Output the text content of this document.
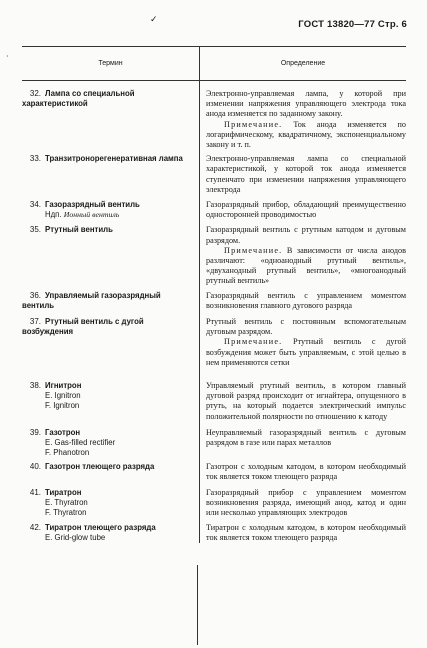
✓
·
ГОСТ 13820—77 Стр. 6
Термин	Определение
32. Лампа со специальной характеристикой	Электронно-управляемая лампа, у которой при изменении напряжения управляющего электрода тока анода изменяется по заданному закону.
Примечание. Ток анода изменяется по логарифмическому, квадратичному, экспоненциальному закону и т. п.

33. Транзитронорегенеративная лампа	Электронно-управляемая лампа со специальной характеристикой, у которой ток анода изменяется ступенчато при изменении напряжения управляющего электрода

34. Газоразрядный вентиль
Ндп. Ионный вентиль	Газоразрядный прибор, обладающий преимущественно односторонней проводимостью

35. Ртутный вентиль	Газоразрядный вентиль с ртутным катодом и дуговым разрядом.
Примечание. В зависимости от числа анодов различают: «одноанодный ртутный вентиль», «двуханодный ртутный вентиль», «многоанодный ртутный вентиль»

36. Управляемый газоразрядный вентиль	Газоразрядный вентиль с управлением моментом возникновения главного дугового разряда

37. Ртутный вентиль с дугой возбуждения	Ртутный вентиль с постоянным вспомогательным дуговым разрядом.
Примечание. Ртутный вентиль с дугой возбуждения может быть управляемым, с этой целью в нем применяются сетки

38. Игнитрон
E. Ignitron
F. Ignitron	Управляемый ртутный вентиль, в котором главный дуговой разряд происходит от игнайтера, опущенного в ртуть, на который подается электрический импульс положительной полярности по отношению к катоду

39. Газотрон
E. Gas-filled rectifier
F. Phanotron	Неуправляемый газоразрядный вентиль с дуговым разрядом в газе или парах металлов

40. Газотрон тлеющего разряда	Газотрон с холодным катодом, в котором необходимый ток является током тлеющего разряда

41. Тиратрон
E. Thyratron
F. Thyratron	Газоразрядный прибор с управлением моментом возникновения разряда, имеющий анод, катод и один или несколько управляющих электродов

42. Тиратрон тлеющего разряда
E. Grid-glow tube	Тиратрон с холодным катодом, в котором необходимый ток является током тлеющего разряда
